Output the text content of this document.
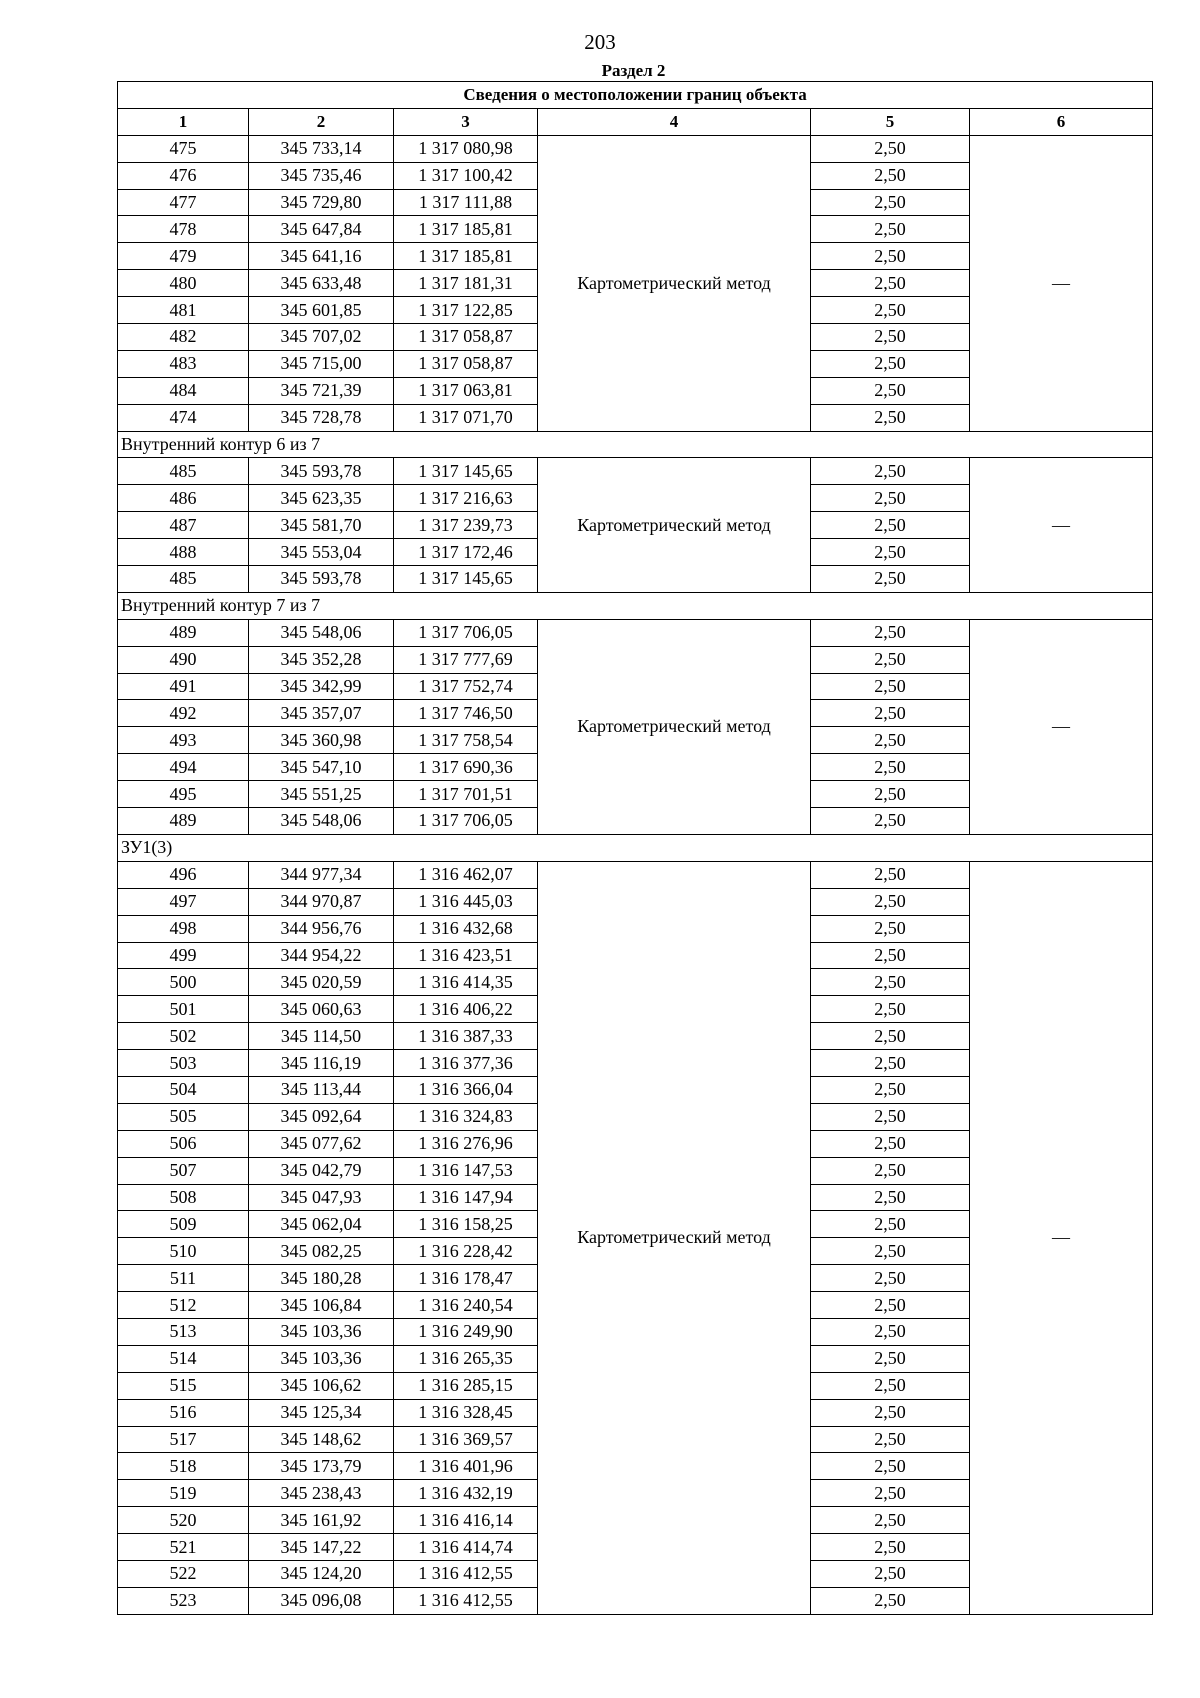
203
Раздел 2
Сведения о местоположении границ объекта					
1	2	3	4	5	6
475	345 733,14	1 317 080,98	Картометрический метод	2,50	—
476	345 735,46	1 317 100,42		2,50	
477	345 729,80	1 317 111,88		2,50	
478	345 647,84	1 317 185,81		2,50	
479	345 641,16	1 317 185,81		2,50	
480	345 633,48	1 317 181,31		2,50	
481	345 601,85	1 317 122,85		2,50	
482	345 707,02	1 317 058,87		2,50	
483	345 715,00	1 317 058,87		2,50	
484	345 721,39	1 317 063,81		2,50	
474	345 728,78	1 317 071,70		2,50	
Внутренний контур 6 из 7					
485	345 593,78	1 317 145,65	Картометрический метод	2,50	—
486	345 623,35	1 317 216,63		2,50	
487	345 581,70	1 317 239,73		2,50	
488	345 553,04	1 317 172,46		2,50	
485	345 593,78	1 317 145,65		2,50	
Внутренний контур 7 из 7					
489	345 548,06	1 317 706,05	Картометрический метод	2,50	—
490	345 352,28	1 317 777,69		2,50	
491	345 342,99	1 317 752,74		2,50	
492	345 357,07	1 317 746,50		2,50	
493	345 360,98	1 317 758,54		2,50	
494	345 547,10	1 317 690,36		2,50	
495	345 551,25	1 317 701,51		2,50	
489	345 548,06	1 317 706,05		2,50	
ЗУ1(3)					
496	344 977,34	1 316 462,07	Картометрический метод	2,50	—
497	344 970,87	1 316 445,03		2,50	
498	344 956,76	1 316 432,68		2,50	
499	344 954,22	1 316 423,51		2,50	
500	345 020,59	1 316 414,35		2,50	
501	345 060,63	1 316 406,22		2,50	
502	345 114,50	1 316 387,33		2,50	
503	345 116,19	1 316 377,36		2,50	
504	345 113,44	1 316 366,04		2,50	
505	345 092,64	1 316 324,83		2,50	
506	345 077,62	1 316 276,96		2,50	
507	345 042,79	1 316 147,53		2,50	
508	345 047,93	1 316 147,94		2,50	
509	345 062,04	1 316 158,25		2,50	
510	345 082,25	1 316 228,42		2,50	
511	345 180,28	1 316 178,47		2,50	
512	345 106,84	1 316 240,54		2,50	
513	345 103,36	1 316 249,90		2,50	
514	345 103,36	1 316 265,35		2,50	
515	345 106,62	1 316 285,15		2,50	
516	345 125,34	1 316 328,45		2,50	
517	345 148,62	1 316 369,57		2,50	
518	345 173,79	1 316 401,96		2,50	
519	345 238,43	1 316 432,19		2,50	
520	345 161,92	1 316 416,14		2,50	
521	345 147,22	1 316 414,74		2,50	
522	345 124,20	1 316 412,55		2,50	
523	345 096,08	1 316 412,55		2,50	
